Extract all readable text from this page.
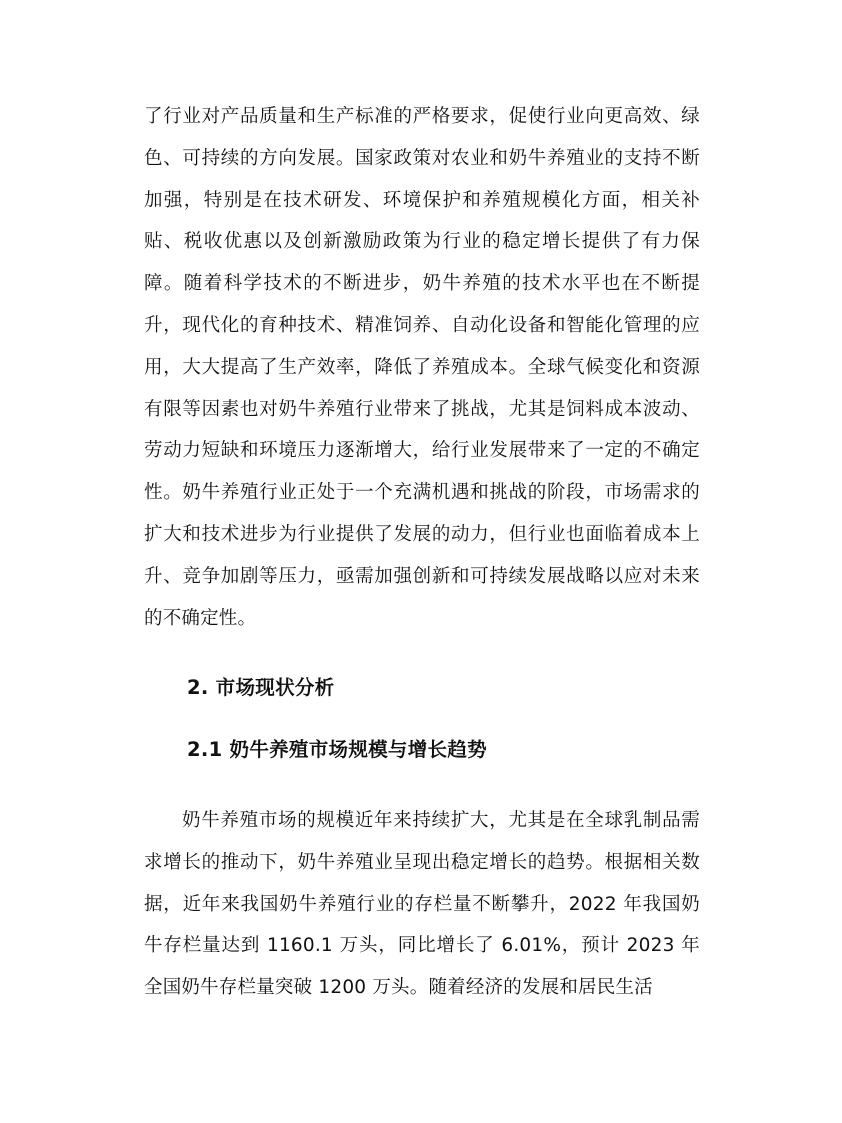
了行业对产品质量和生产标准的严格要求，促使行业向更高效、绿色、可持续的方向发展。国家政策对农业和奶牛养殖业的支持不断加强，特别是在技术研发、环境保护和养殖规模化方面，相关补贴、税收优惠以及创新激励政策为行业的稳定增长提供了有力保障。随着科学技术的不断进步，奶牛养殖的技术水平也在不断提升，现代化的育种技术、精准饲养、自动化设备和智能化管理的应用，大大提高了生产效率，降低了养殖成本。全球气候变化和资源有限等因素也对奶牛养殖行业带来了挑战，尤其是饲料成本波动、劳动力短缺和环境压力逐渐增大，给行业发展带来了一定的不确定性。奶牛养殖行业正处于一个充满机遇和挑战的阶段，市场需求的扩大和技术进步为行业提供了发展的动力，但行业也面临着成本上升、竞争加剧等压力，亟需加强创新和可持续发展战略以应对未来的不确定性。

2. 市场现状分析
2.1 奶牛养殖市场规模与增长趋势

奶牛养殖市场的规模近年来持续扩大，尤其是在全球乳制品需求增长的推动下，奶牛养殖业呈现出稳定增长的趋势。根据相关数据，近年来我国奶牛养殖行业的存栏量不断攀升，2022 年我国奶牛存栏量达到 1160.1 万头，同比增长了 6.01%，预计 2023 年全国奶牛存栏量突破 1200 万头。随着经济的发展和居民生活
